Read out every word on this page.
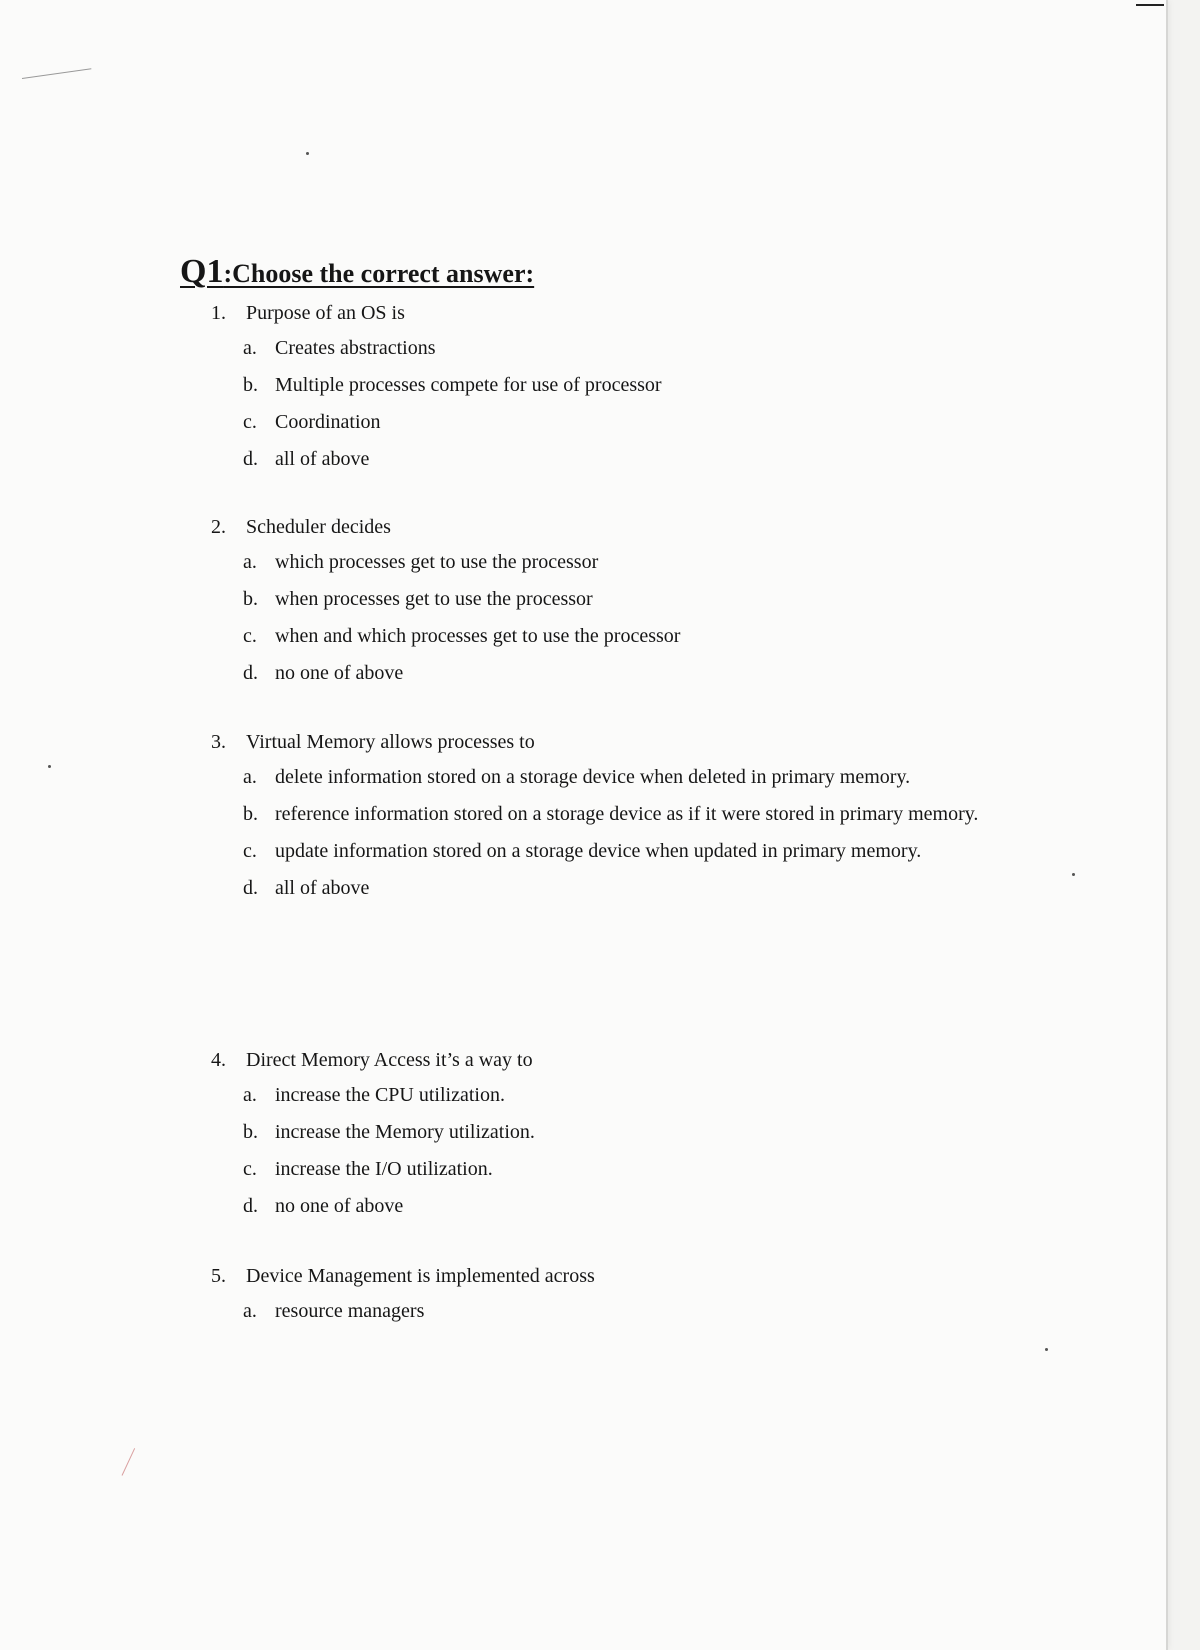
Q1:Choose the correct answer:
1.	Purpose of an OS is
a. Creates abstractions
b. Multiple processes compete for use of processor
c. Coordination
d. all of above
2.	Scheduler decides
a. which processes get to use the processor
b. when processes get to use the processor
c. when and which processes get to use the processor
d. no one of above
3.	Virtual Memory allows processes to
a. delete information stored on a storage device when deleted in primary memory.
b. reference information stored on a storage device as if it were stored in primary memory.
c. update information stored on a storage device when updated in primary memory.
d. all of above
4.	Direct Memory Access it’s a way to
a. increase the CPU utilization.
b. increase the Memory utilization.
c. increase the I/O utilization.
d. no one of above
5.	Device Management is implemented across
a. resource managers
